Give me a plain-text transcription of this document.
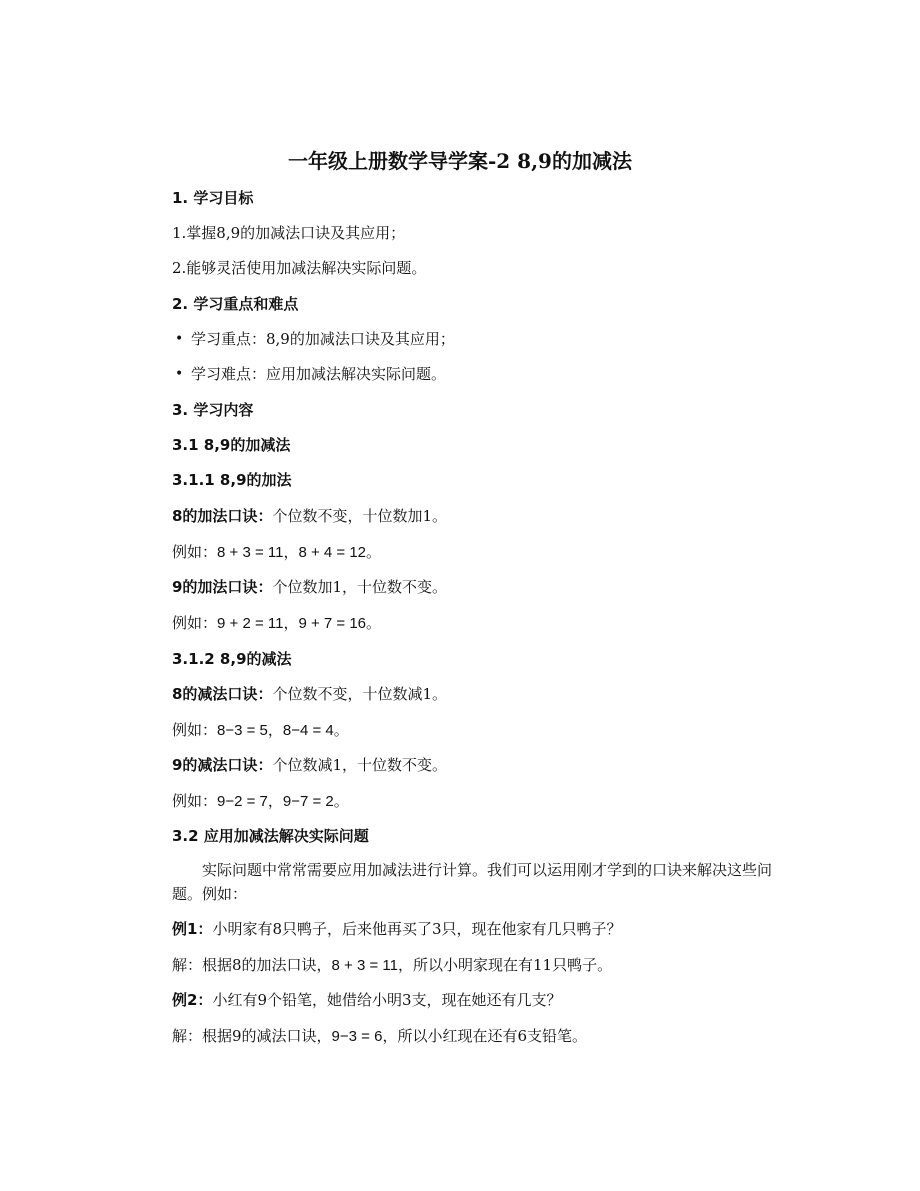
一年级上册数学导学案-2 8,9的加减法
1. 学习目标
1.掌握8,9的加减法口诀及其应用；
2.能够灵活使用加减法解决实际问题。
2. 学习重点和难点
• 学习重点：8,9的加减法口诀及其应用；
• 学习难点：应用加减法解决实际问题。
3. 学习内容
3.1 8,9的加减法
3.1.1 8,9的加法
8的加法口诀：个位数不变，十位数加1。
例如：8 + 3 = 11，8 + 4 = 12。
9的加法口诀：个位数加1，十位数不变。
例如：9 + 2 = 11，9 + 7 = 16。
3.1.2 8,9的减法
8的减法口诀：个位数不变，十位数减1。
例如：8−3 = 5，8−4 = 4。
9的减法口诀：个位数减1，十位数不变。
例如：9−2 = 7，9−7 = 2。
3.2 应用加减法解决实际问题
实际问题中常常需要应用加减法进行计算。我们可以运用刚才学到的口诀来解决这些问题。例如：
例1：小明家有8只鸭子，后来他再买了3只，现在他家有几只鸭子？
解：根据8的加法口诀，8 + 3 = 11，所以小明家现在有11只鸭子。
例2：小红有9个铅笔，她借给小明3支，现在她还有几支？
解：根据9的减法口诀，9−3 = 6，所以小红现在还有6支铅笔。
